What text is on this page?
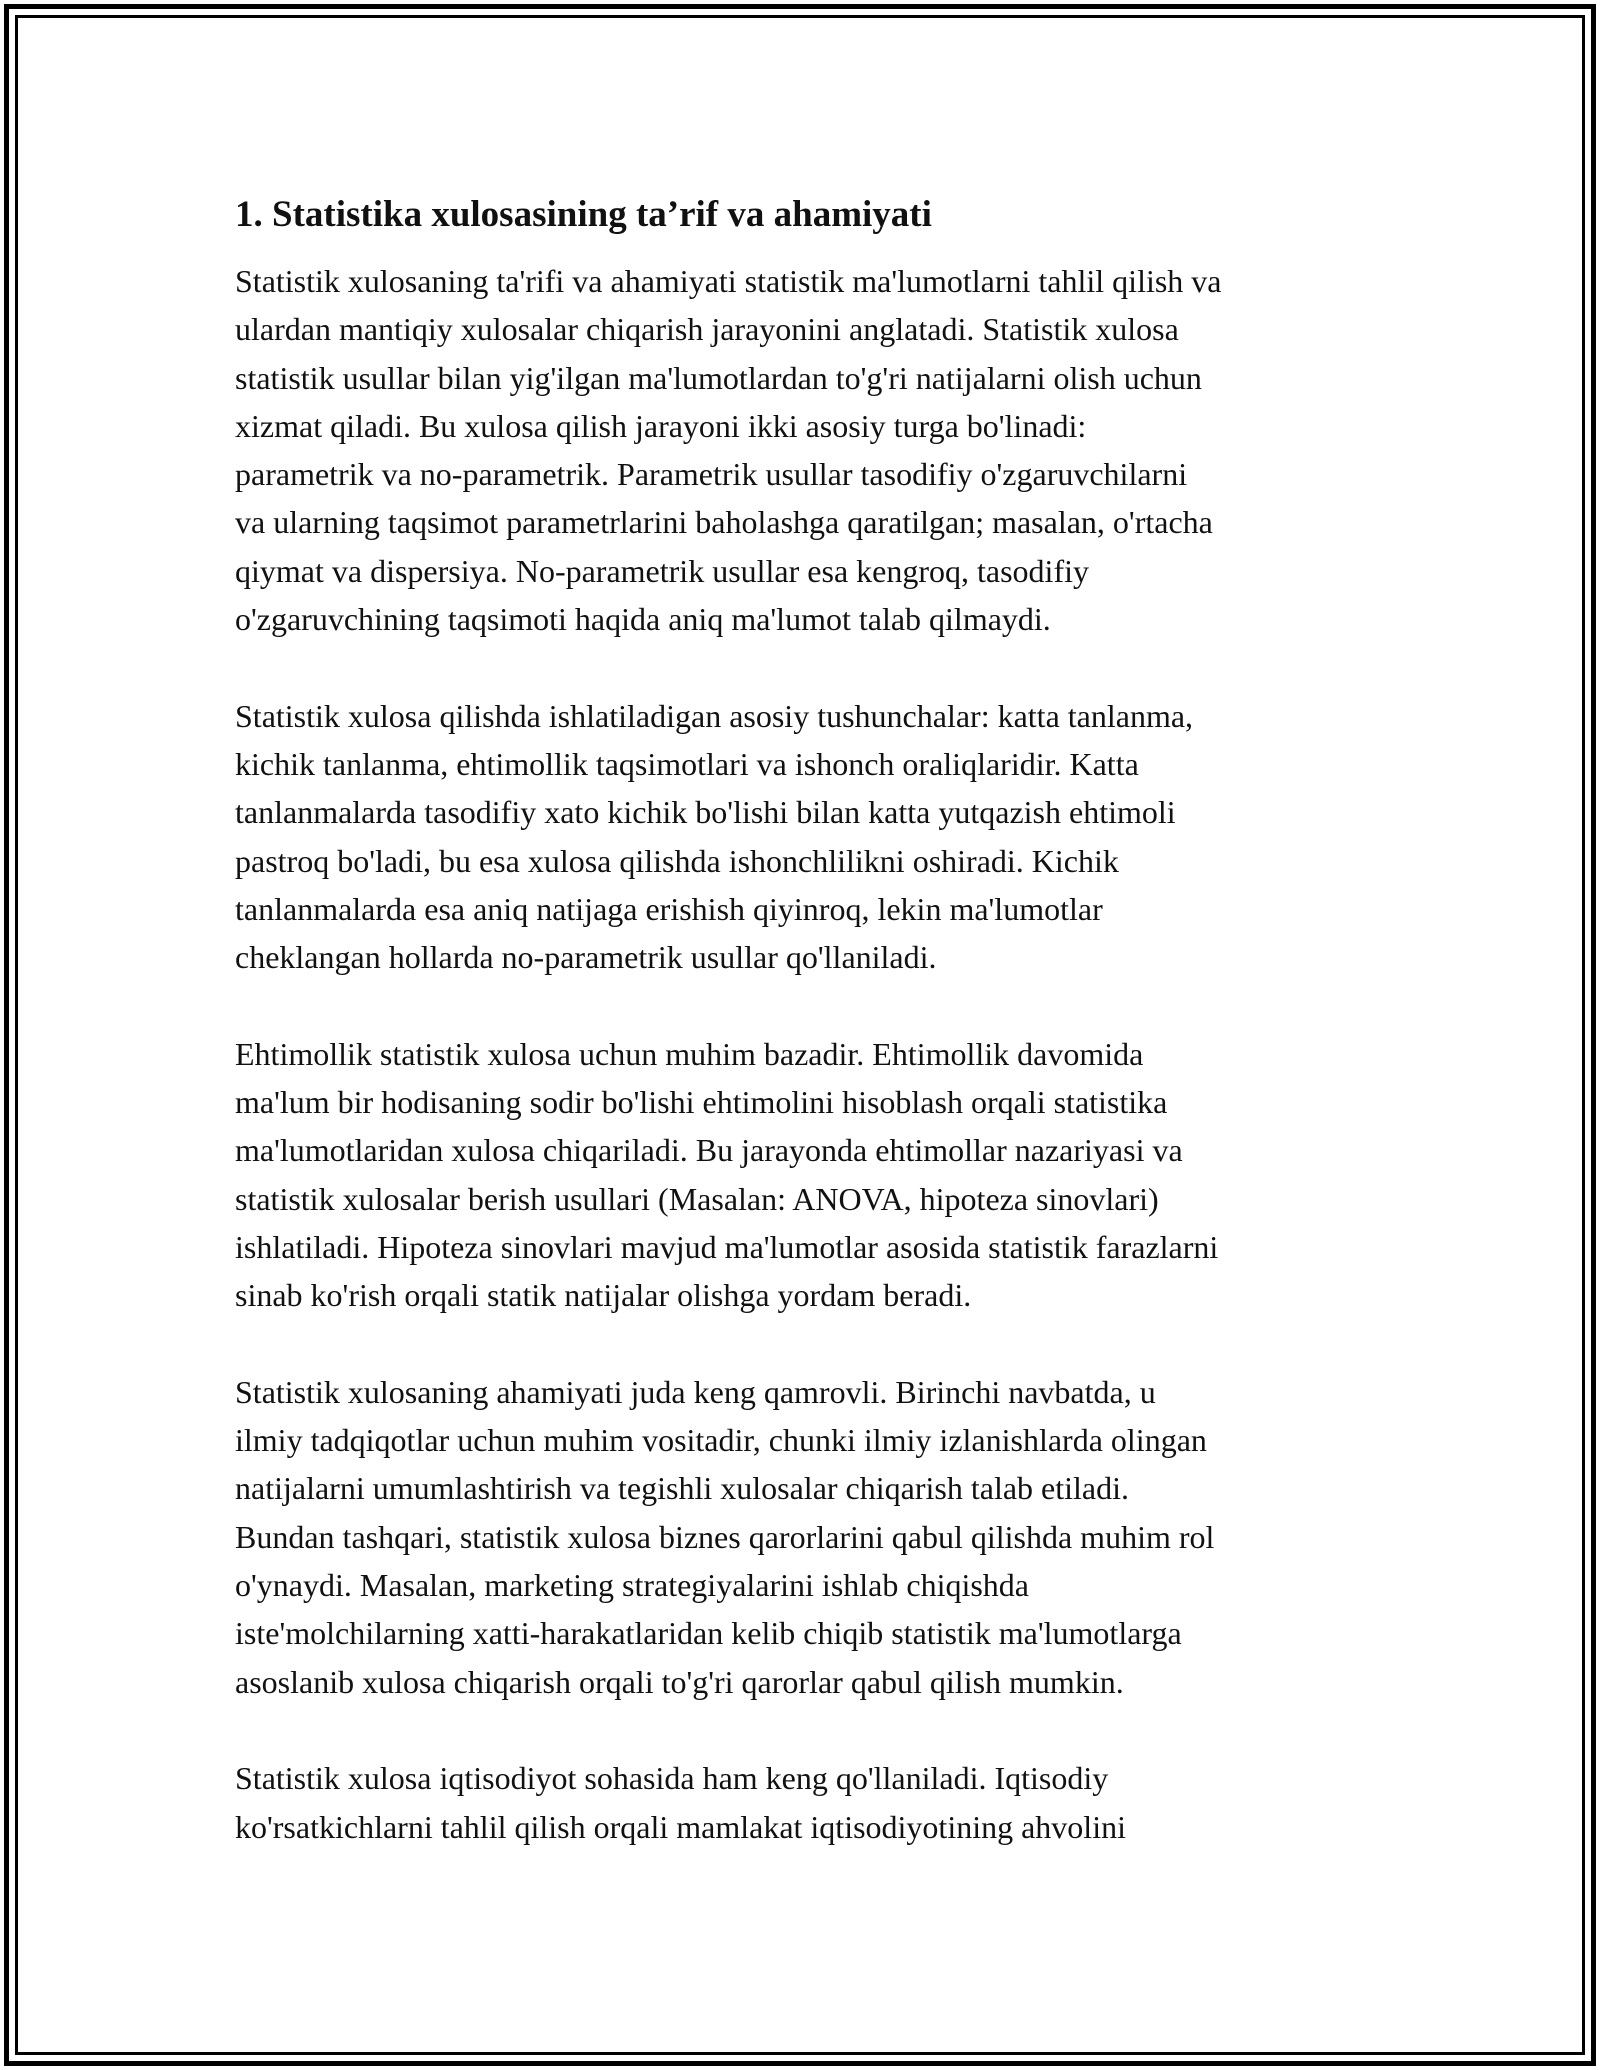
1. Statistika xulosasining ta’rif va ahamiyati

Statistik xulosaning ta'rifi va ahamiyati statistik ma'lumotlarni tahlil qilish va
ulardan mantiqiy xulosalar chiqarish jarayonini anglatadi. Statistik xulosa
statistik usullar bilan yig'ilgan ma'lumotlardan to'g'ri natijalarni olish uchun
xizmat qiladi. Bu xulosa qilish jarayoni ikki asosiy turga bo'linadi:
parametrik va no-parametrik. Parametrik usullar tasodifiy o'zgaruvchilarni
va ularning taqsimot parametrlarini baholashga qaratilgan; masalan, o'rtacha
qiymat va dispersiya. No-parametrik usullar esa kengroq, tasodifiy
o'zgaruvchining taqsimoti haqida aniq ma'lumot talab qilmaydi.

Statistik xulosa qilishda ishlatiladigan asosiy tushunchalar: katta tanlanma,
kichik tanlanma, ehtimollik taqsimotlari va ishonch oraliqlaridir. Katta
tanlanmalarda tasodifiy xato kichik bo'lishi bilan katta yutqazish ehtimoli
pastroq bo'ladi, bu esa xulosa qilishda ishonchlilikni oshiradi. Kichik
tanlanmalarda esa aniq natijaga erishish qiyinroq, lekin ma'lumotlar
cheklangan hollarda no-parametrik usullar qo'llaniladi.

Ehtimollik statistik xulosa uchun muhim bazadir. Ehtimollik davomida
ma'lum bir hodisaning sodir bo'lishi ehtimolini hisoblash orqali statistika
ma'lumotlaridan xulosa chiqariladi. Bu jarayonda ehtimollar nazariyasi va
statistik xulosalar berish usullari (Masalan: ANOVA, hipoteza sinovlari)
ishlatiladi. Hipoteza sinovlari mavjud ma'lumotlar asosida statistik farazlarni
sinab ko'rish orqali statik natijalar olishga yordam beradi.

Statistik xulosaning ahamiyati juda keng qamrovli. Birinchi navbatda, u
ilmiy tadqiqotlar uchun muhim vositadir, chunki ilmiy izlanishlarda olingan
natijalarni umumlashtirish va tegishli xulosalar chiqarish talab etiladi.
Bundan tashqari, statistik xulosa biznes qarorlarini qabul qilishda muhim rol
o'ynaydi. Masalan, marketing strategiyalarini ishlab chiqishda
iste'molchilarning xatti-harakatlaridan kelib chiqib statistik ma'lumotlarga
asoslanib xulosa chiqarish orqali to'g'ri qarorlar qabul qilish mumkin.

Statistik xulosa iqtisodiyot sohasida ham keng qo'llaniladi. Iqtisodiy
ko'rsatkichlarni tahlil qilish orqali mamlakat iqtisodiyotining ahvolini
